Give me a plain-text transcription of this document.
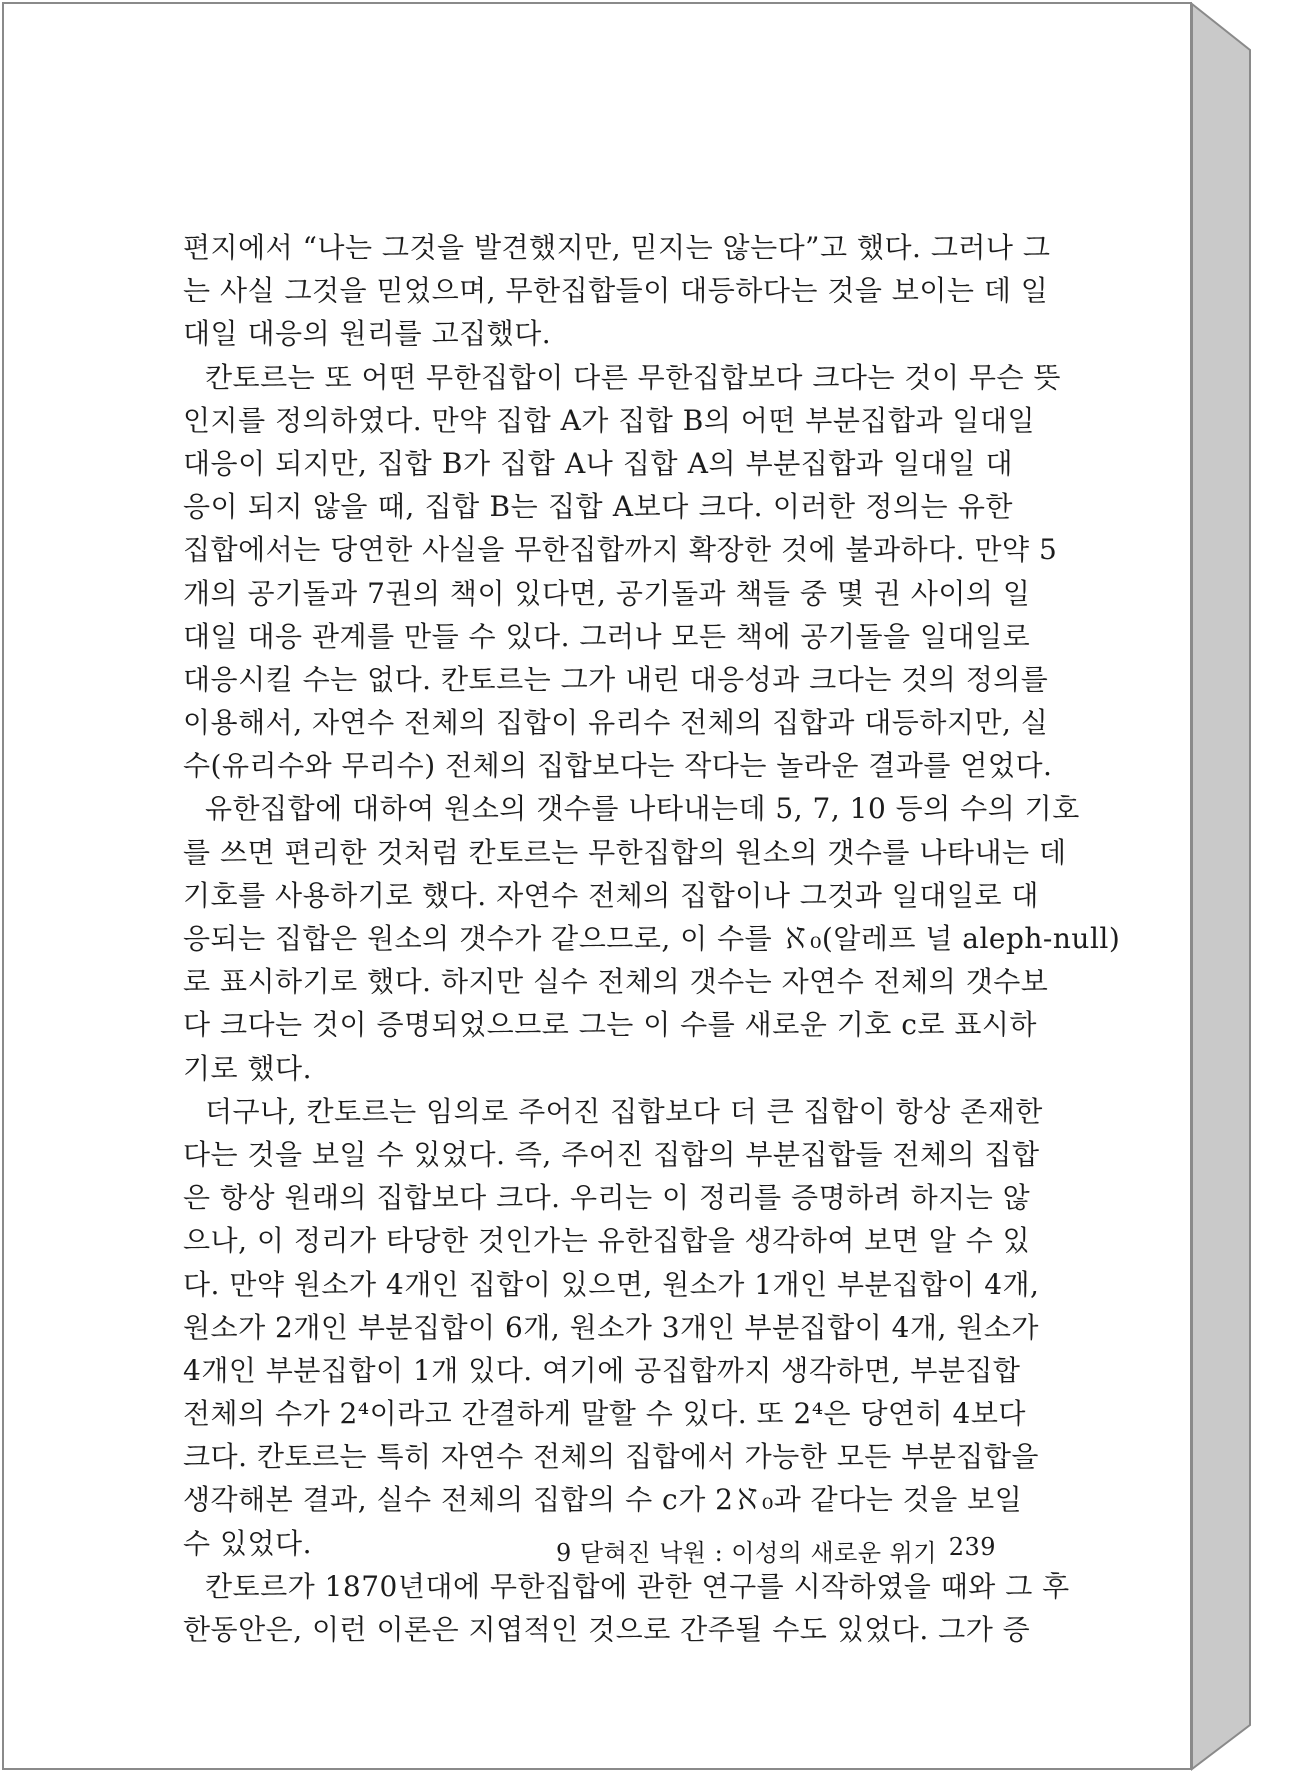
편지에서 “나는 그것을 발견했지만, 믿지는 않는다”고 했다. 그러나 그
는 사실 그것을 믿었으며, 무한집합들이 대등하다는 것을 보이는 데 일
대일 대응의 원리를 고집했다.
칸토르는 또 어떤 무한집합이 다른 무한집합보다 크다는 것이 무슨 뜻
인지를 정의하였다. 만약 집합 A가 집합 B의 어떤 부분집합과 일대일
대응이 되지만, 집합 B가 집합 A나 집합 A의 부분집합과 일대일 대
응이 되지 않을 때, 집합 B는 집합 A보다 크다. 이러한 정의는 유한
집합에서는 당연한 사실을 무한집합까지 확장한 것에 불과하다. 만약 5
개의 공기돌과 7권의 책이 있다면, 공기돌과 책들 중 몇 권 사이의 일
대일 대응 관계를 만들 수 있다. 그러나 모든 책에 공기돌을 일대일로
대응시킬 수는 없다. 칸토르는 그가 내린 대응성과 크다는 것의 정의를
이용해서, 자연수 전체의 집합이 유리수 전체의 집합과 대등하지만, 실
수(유리수와 무리수) 전체의 집합보다는 작다는 놀라운 결과를 얻었다.
유한집합에 대하여 원소의 갯수를 나타내는데 5, 7, 10 등의 수의 기호
를 쓰면 편리한 것처럼 칸토르는 무한집합의 원소의 갯수를 나타내는 데
기호를 사용하기로 했다. 자연수 전체의 집합이나 그것과 일대일로 대
응되는 집합은 원소의 갯수가 같으므로, 이 수를 ℵ₀(알레프 널 aleph-null)
로 표시하기로 했다. 하지만 실수 전체의 갯수는 자연수 전체의 갯수보
다 크다는 것이 증명되었으므로 그는 이 수를 새로운 기호 c로 표시하
기로 했다.
더구나, 칸토르는 임의로 주어진 집합보다 더 큰 집합이 항상 존재한
다는 것을 보일 수 있었다. 즉, 주어진 집합의 부분집합들 전체의 집합
은 항상 원래의 집합보다 크다. 우리는 이 정리를 증명하려 하지는 않
으나, 이 정리가 타당한 것인가는 유한집합을 생각하여 보면 알 수 있
다. 만약 원소가 4개인 집합이 있으면, 원소가 1개인 부분집합이 4개,
원소가 2개인 부분집합이 6개, 원소가 3개인 부분집합이 4개, 원소가
4개인 부분집합이 1개 있다. 여기에 공집합까지 생각하면, 부분집합
전체의 수가 2⁴이라고 간결하게 말할 수 있다. 또 2⁴은 당연히 4보다
크다. 칸토르는 특히 자연수 전체의 집합에서 가능한 모든 부분집합을
생각해본 결과, 실수 전체의 집합의 수 c가 2ℵ₀과 같다는 것을 보일
수 있었다.
칸토르가 1870년대에 무한집합에 관한 연구를 시작하였을 때와 그 후
한동안은, 이런 이론은 지엽적인 것으로 간주될 수도 있었다. 그가 증
9 닫혀진 낙원 : 이성의 새로운 위기 239
